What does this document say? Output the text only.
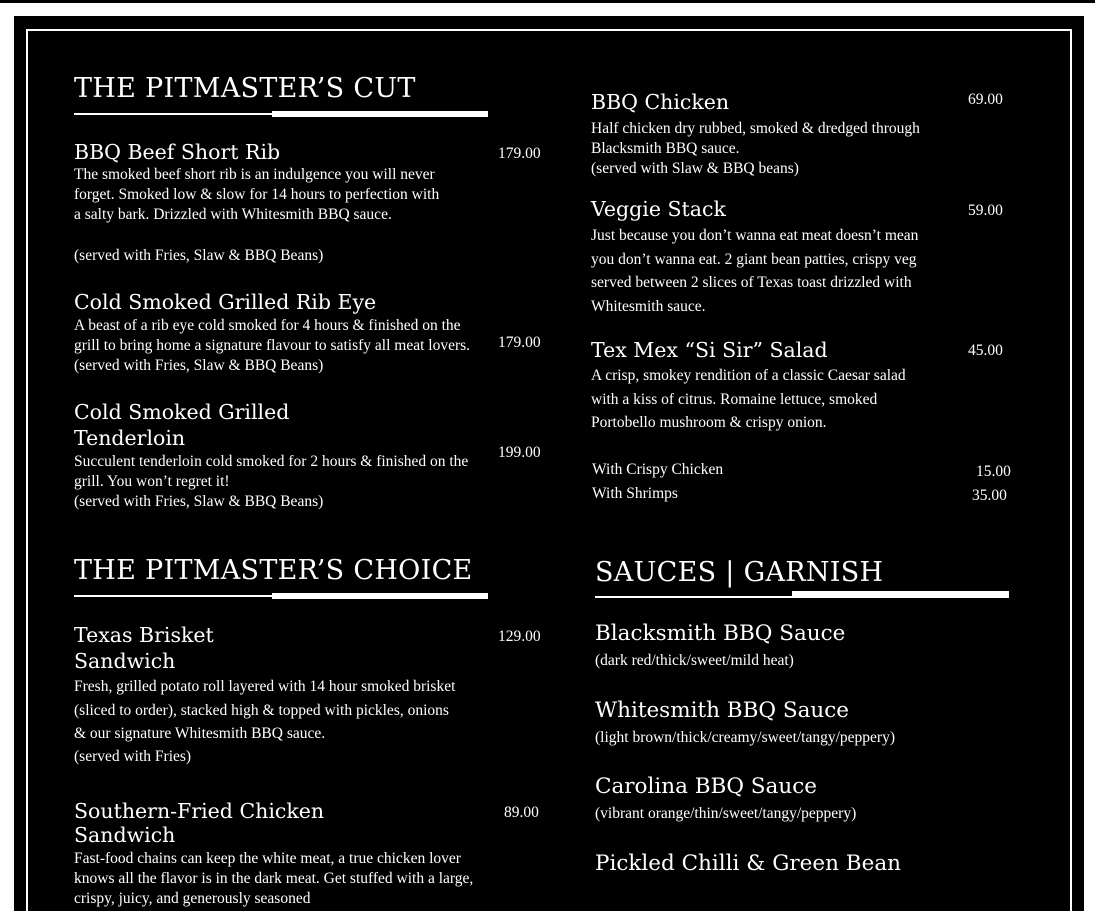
THE PITMASTER’S CUT
BBQ Beef Short Rib	179.00
The smoked beef short rib is an indulgence you will never forget. Smoked low & slow for 14 hours to perfection with a salty bark. Drizzled with Whitesmith BBQ sauce.
(served with Fries, Slaw & BBQ Beans)
Cold Smoked Grilled Rib Eye
179.00
A beast of a rib eye cold smoked for 4 hours & finished on the grill to bring home a signature flavour to satisfy all meat lovers. (served with Fries, Slaw & BBQ Beans)
Cold Smoked Grilled
Tenderloin
199.00
Succulent tenderloin cold smoked for 2 hours & finished on the grill. You won’t regret it!
(served with Fries, Slaw & BBQ Beans)
THE PITMASTER’S CHOICE
Texas Brisket
Sandwich
129.00
Fresh, grilled potato roll layered with 14 hour smoked brisket (sliced to order), stacked high & topped with pickles, onions & our signature Whitesmith BBQ sauce.
(served with Fries)
Southern-Fried Chicken
Sandwich
89.00
Fast-food chains can keep the white meat, a true chicken lover knows all the flavor is in the dark meat. Get stuffed with a large, crispy, juicy, and generously seasoned
BBQ Chicken	69.00
Half chicken dry rubbed, smoked & dredged through Blacksmith BBQ sauce.
(served with Slaw & BBQ beans)
Veggie Stack	59.00
Just because you don’t wanna eat meat doesn’t mean you don’t wanna eat. 2 giant bean patties, crispy veg served between 2 slices of Texas toast drizzled with Whitesmith sauce.
Tex Mex “Si Sir” Salad	45.00
A crisp, smokey rendition of a classic Caesar salad with a kiss of citrus. Romaine lettuce, smoked Portobello mushroom & crispy onion.
With Crispy Chicken	15.00
With Shrimps	35.00
SAUCES | GARNISH
Blacksmith BBQ Sauce
(dark red/thick/sweet/mild heat)
Whitesmith BBQ Sauce
(light brown/thick/creamy/sweet/tangy/peppery)
Carolina BBQ Sauce
(vibrant orange/thin/sweet/tangy/peppery)
Pickled Chilli & Green Bean
